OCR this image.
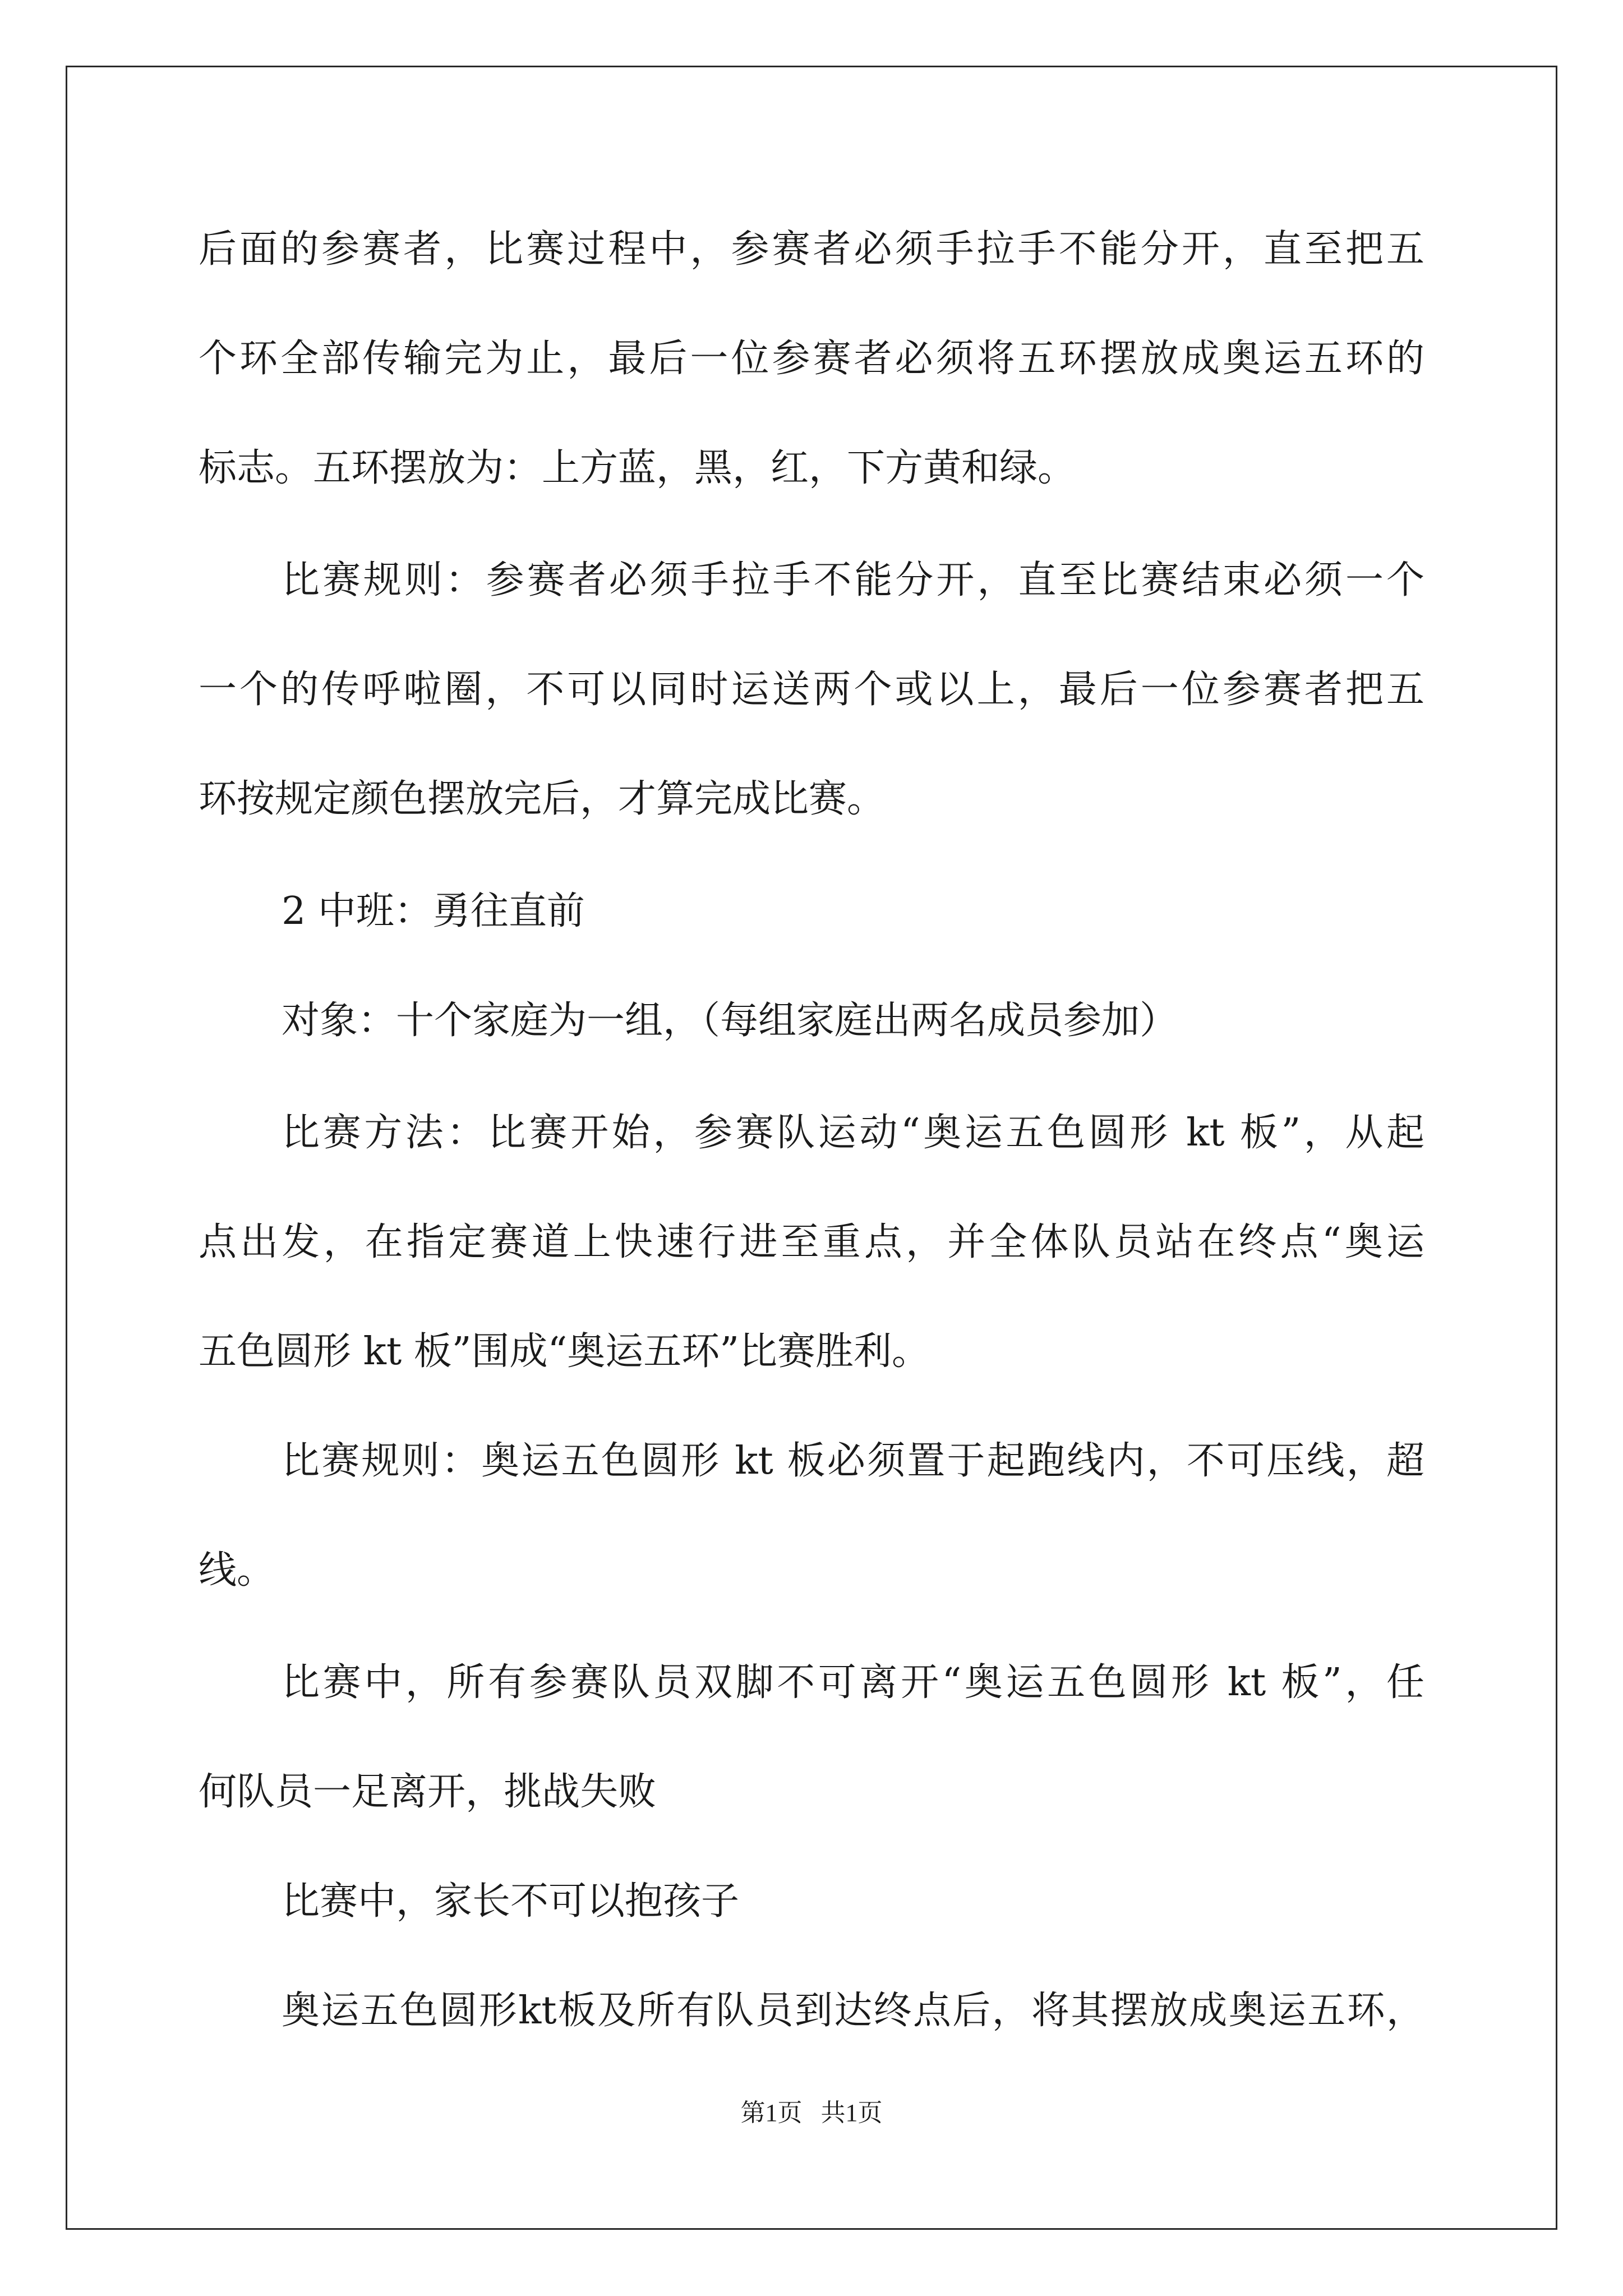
后面的参赛者，比赛过程中，参赛者必须手拉手不能分开，直至把五
个环全部传输完为止，最后一位参赛者必须将五环摆放成奥运五环的
标志。五环摆放为：上方蓝，黑，红，下方黄和绿。
比赛规则：参赛者必须手拉手不能分开，直至比赛结束必须一个
一个的传呼啦圈，不可以同时运送两个或以上，最后一位参赛者把五
环按规定颜色摆放完后，才算完成比赛。
2 中班：勇往直前
对象：十个家庭为一组，（每组家庭出两名成员参加）
比赛方法：比赛开始，参赛队运动“奥运五色圆形 kt 板”，从起
点出发，在指定赛道上快速行进至重点，并全体队员站在终点“奥运
五色圆形 kt 板”围成“奥运五环”比赛胜利。
比赛规则：奥运五色圆形 kt 板必须置于起跑线内，不可压线，超
线。
比赛中，所有参赛队员双脚不可离开“奥运五色圆形 kt 板”，任
何队员一足离开，挑战失败
比赛中，家长不可以抱孩子
奥运五色圆形kt板及所有队员到达终点后，将其摆放成奥运五环，
第1页   共1页
